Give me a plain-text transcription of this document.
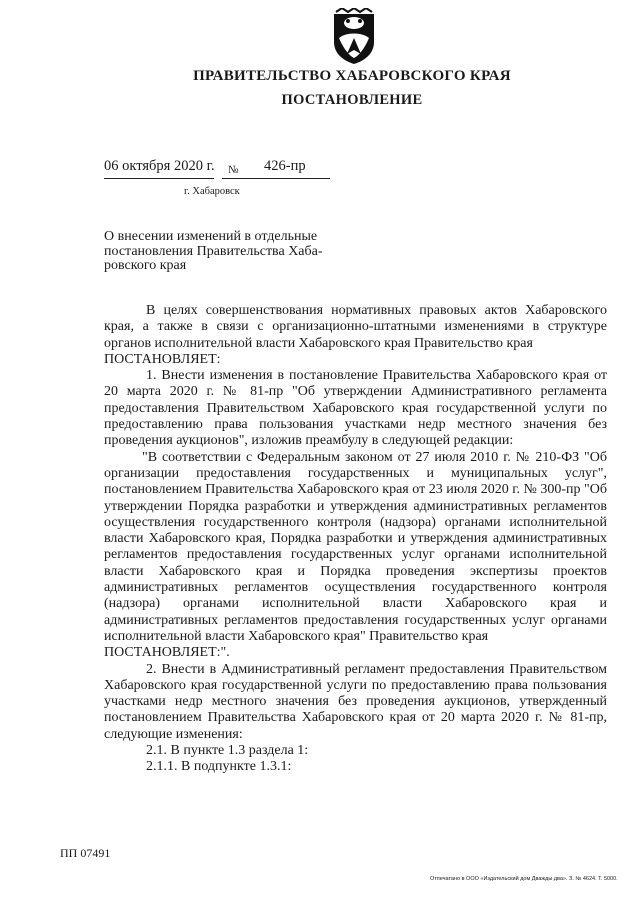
ПРАВИТЕЛЬСТВО ХАБАРОВСКОГО КРАЯ
ПОСТАНОВЛЕНИЕ
06 октября 2020 г. № 426-пр
г. Хабаровск
О внесении изменений в отдельные постановления Правительства Хаба-ровского края

В целях совершенствования нормативных правовых актов Хабаровского края, а также в связи с организационно-штатными изменениями в структуре органов исполнительной власти Хабаровского края Правительство края

ПОСТАНОВЛЯЕТ:

1. Внести изменения в постановление Правительства Хабаровского края от 20 марта 2020 г. № 81-пр "Об утверждении Административного регламента предоставления Правительством Хабаровского края государственной услуги по предоставлению права пользования участками недр местного значения без проведения аукционов", изложив преамбулу в следующей редакции:

"В соответствии с Федеральным законом от 27 июля 2010 г. № 210-ФЗ "Об организации предоставления государственных и муниципальных услуг", постановлением Правительства Хабаровского края от 23 июля 2020 г. № 300-пр "Об утверждении Порядка разработки и утверждения административных регламентов осуществления государственного контроля (надзора) органами исполнительной власти Хабаровского края, Порядка разработки и утверждения административных регламентов предоставления государственных услуг органами исполнительной власти Хабаровского края и Порядка проведения экспертизы проектов административных регламентов осуществления государственного контроля (надзора) органами исполнительной власти Хабаровского края и административных регламентов предоставления государственных услуг органами исполнительной власти Хабаровского края" Правительство края

ПОСТАНОВЛЯЕТ:".

2. Внести в Административный регламент предоставления Правительством Хабаровского края государственной услуги по предоставлению права пользования участками недр местного значения без проведения аукционов, утвержденный постановлением Правительства Хабаровского края от 20 марта 2020 г. № 81-пр, следующие изменения:

2.1. В пункте 1.3 раздела 1:

2.1.1. В подпункте 1.3.1:

ПП 07491
Отпечатано в ООО «Издательский дом Дважды два». З. № 4624. Т. 5000.
